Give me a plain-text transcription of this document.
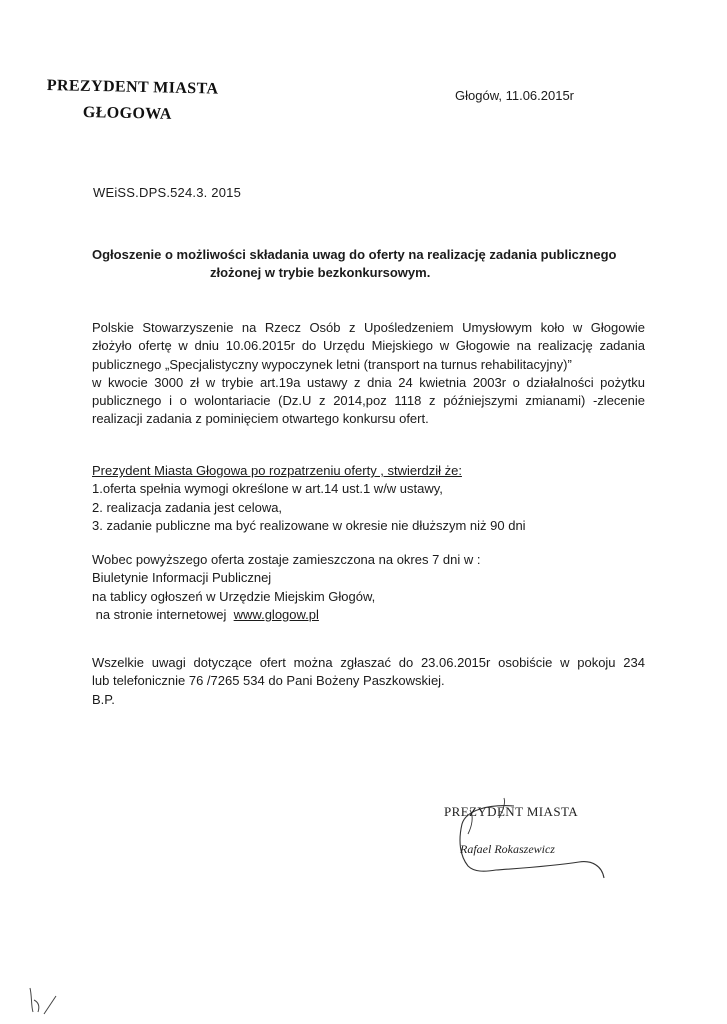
PREZYDENT MIASTA
GŁOGOWA
Głogów, 11.06.2015r
WEiSS.DPS.524.3. 2015
Ogłoszenie o możliwości składania uwag do oferty na realizację zadania publicznego
złożonej w trybie bezkonkursowym.
Polskie Stowarzyszenie na Rzecz Osób z Upośledzeniem Umysłowym koło w Głogowie
złożyło ofertę w dniu 10.06.2015r do Urzędu Miejskiego w Głogowie na realizację zadania
publicznego „Specjalistyczny wypoczynek letni (transport na turnus rehabilitacyjny)”
w kwocie 3000 zł w trybie art.19a ustawy z dnia 24 kwietnia 2003r o działalności pożytku
publicznego i o wolontariacie (Dz.U z 2014,poz 1118 z późniejszymi zmianami) -zlecenie
realizacji zadania z pominięciem otwartego konkursu ofert.
Prezydent Miasta Głogowa po rozpatrzeniu oferty , stwierdził że:
1.oferta spełnia wymogi określone w art.14 ust.1 w/w ustawy,
2. realizacja zadania jest celowa,
3. zadanie publiczne ma być realizowane w okresie nie dłuższym niż 90 dni
Wobec powyższego oferta zostaje zamieszczona na okres 7 dni w :
Biuletynie Informacji Publicznej
na tablicy ogłoszeń w Urzędzie Miejskim Głogów,
na stronie internetowej  www.glogow.pl
Wszelkie uwagi dotyczące ofert można zgłaszać do 23.06.2015r osobiście w pokoju 234
lub telefonicznie 76 /7265 534 do Pani Bożeny Paszkowskiej.
B.P.
PREZYDENT MIASTA
Rafael Rokaszewicz
